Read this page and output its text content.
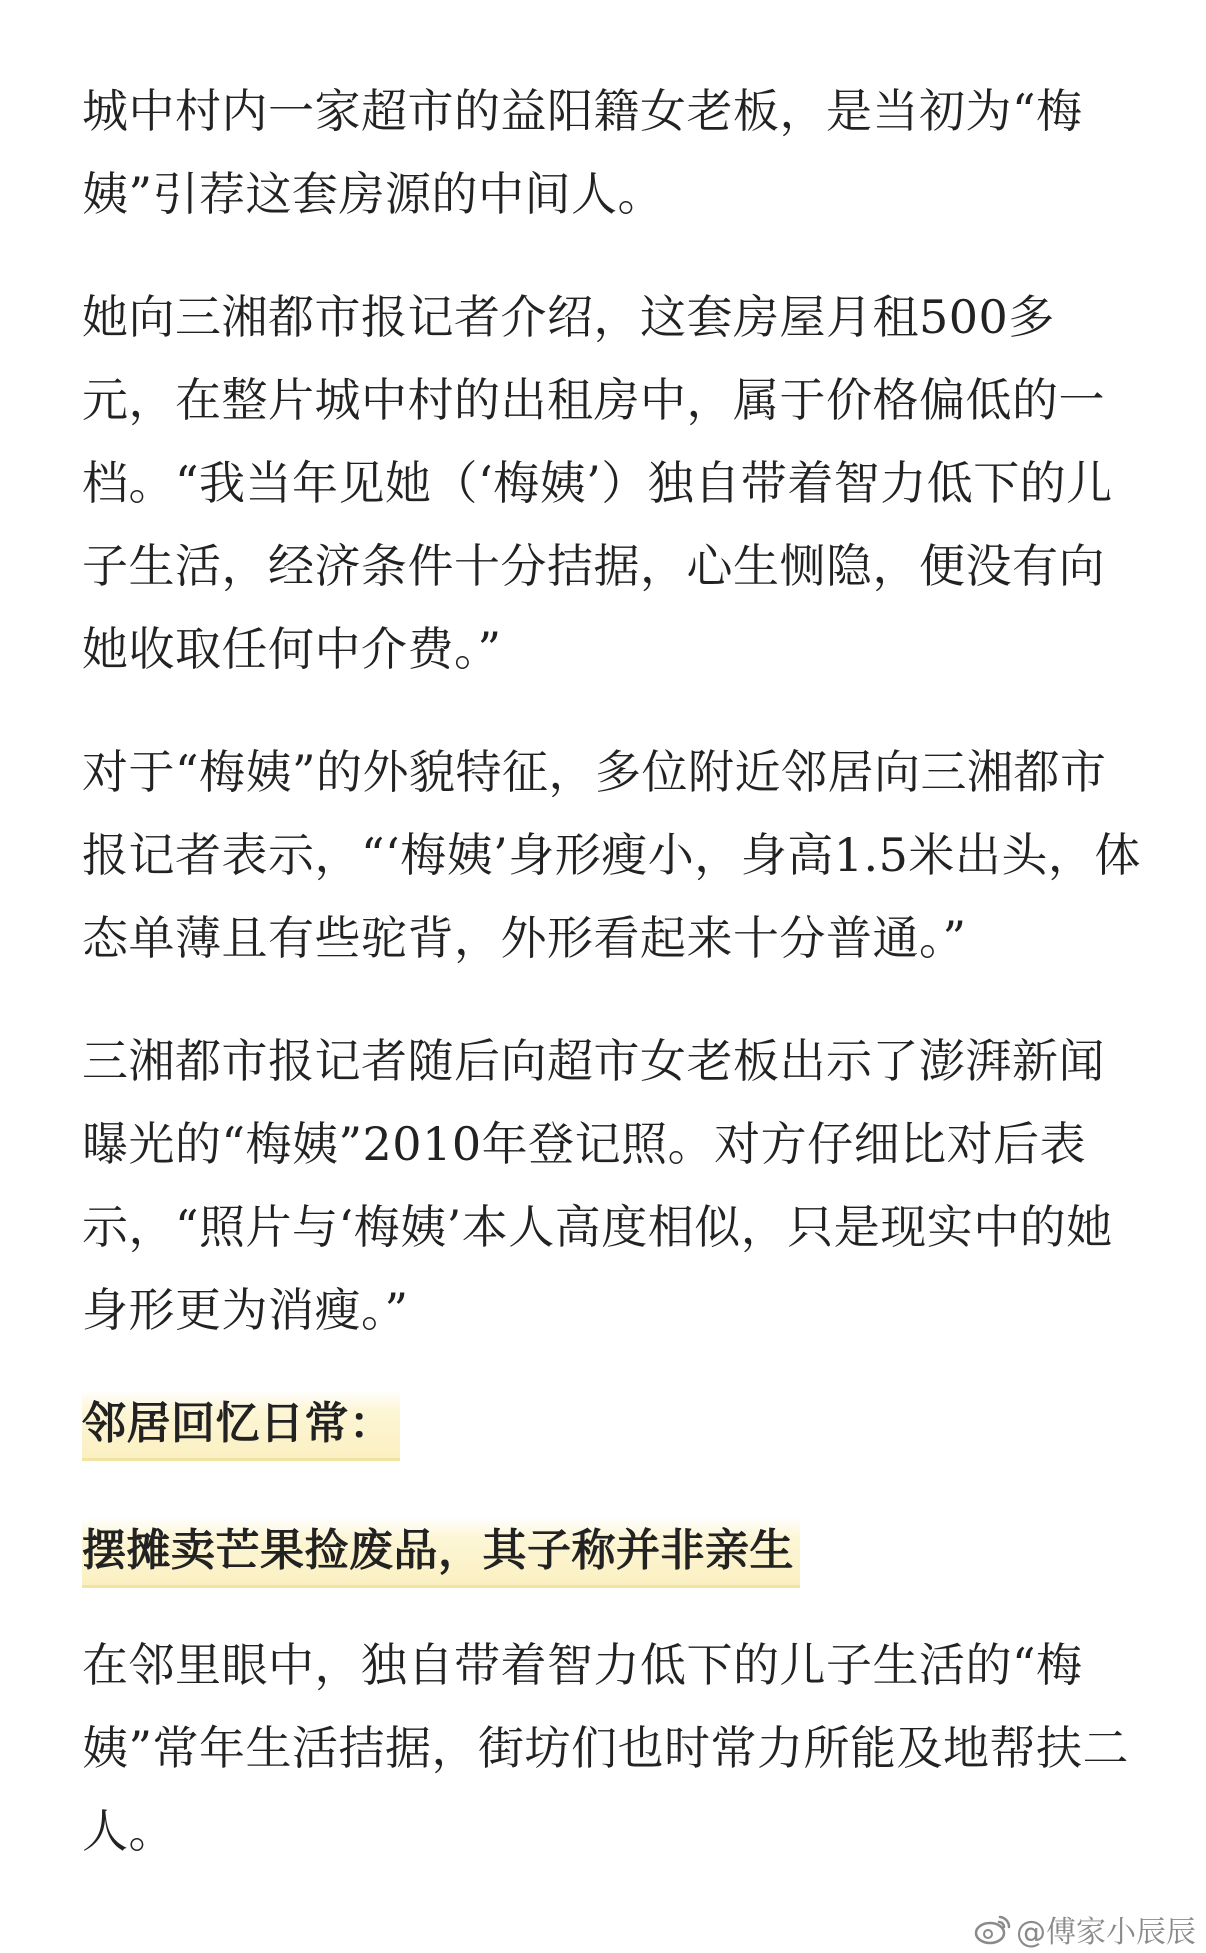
城中村内一家超市的益阳籍女老板，是当初为“梅姨”引荐这套房源的中间人。

她向三湘都市报记者介绍，这套房屋月租500多元，在整片城中村的出租房中，属于价格偏低的一档。“我当年见她（‘梅姨’）独自带着智力低下的儿子生活，经济条件十分拮据，心生恻隐，便没有向她收取任何中介费。”

对于“梅姨”的外貌特征，多位附近邻居向三湘都市报记者表示，“‘梅姨’身形瘦小，身高1.5米出头，体态单薄且有些驼背，外形看起来十分普通。”

三湘都市报记者随后向超市女老板出示了澎湃新闻曝光的“梅姨”2010年登记照。对方仔细比对后表示，“照片与‘梅姨’本人高度相似，只是现实中的她身形更为消瘦。”

邻居回忆日常：
摆摊卖芒果捡废品，其子称并非亲生

在邻里眼中，独自带着智力低下的儿子生活的“梅姨”常年生活拮据，街坊们也时常力所能及地帮扶二人。

@傅家小辰辰
